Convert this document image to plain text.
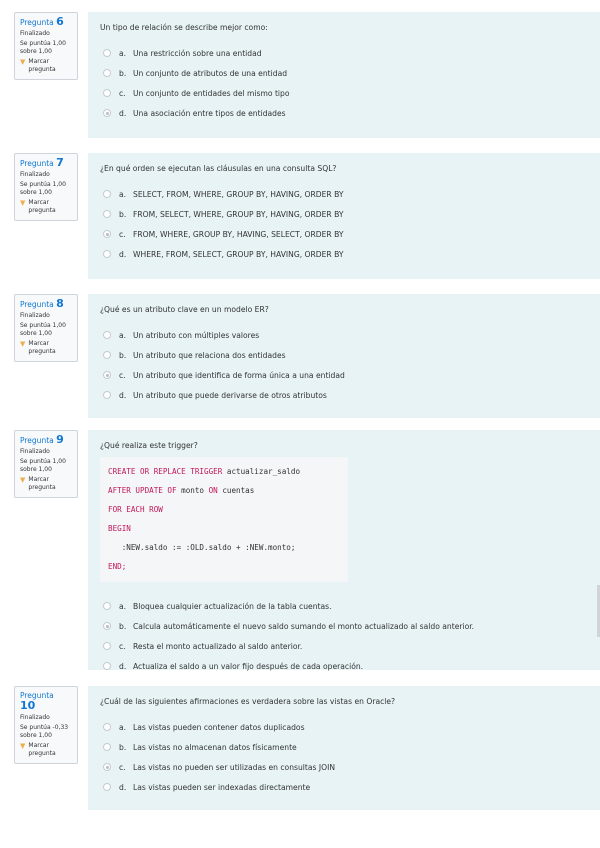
Pregunta 6
Finalizado
Se puntúa 1,00 sobre 1,00
▼ Marcar pregunta
Un tipo de relación se describe mejor como:
a. Una restricción sobre una entidad
b. Un conjunto de atributos de una entidad
c. Un conjunto de entidades del mismo tipo
d. Una asociación entre tipos de entidades
Pregunta 7
Finalizado
Se puntúa 1,00 sobre 1,00
▼ Marcar pregunta
¿En qué orden se ejecutan las cláusulas en una consulta SQL?
a. SELECT, FROM, WHERE, GROUP BY, HAVING, ORDER BY
b. FROM, SELECT, WHERE, GROUP BY, HAVING, ORDER BY
c. FROM, WHERE, GROUP BY, HAVING, SELECT, ORDER BY
d. WHERE, FROM, SELECT, GROUP BY, HAVING, ORDER BY
Pregunta 8
Finalizado
Se puntúa 1,00 sobre 1,00
▼ Marcar pregunta
¿Qué es un atributo clave en un modelo ER?
a. Un atributo con múltiples valores
b. Un atributo que relaciona dos entidades
c. Un atributo que identifica de forma única a una entidad
d. Un atributo que puede derivarse de otros atributos
Pregunta 9
Finalizado
Se puntúa 1,00 sobre 1,00
▼ Marcar pregunta
¿Qué realiza este trigger?
CREATE OR REPLACE TRIGGER actualizar_saldo
AFTER UPDATE OF monto ON cuentas
FOR EACH ROW
BEGIN
:NEW.saldo := :OLD.saldo + :NEW.monto;
END;
a. Bloquea cualquier actualización de la tabla cuentas.
b. Calcula automáticamente el nuevo saldo sumando el monto actualizado al saldo anterior.
c. Resta el monto actualizado al saldo anterior.
d. Actualiza el saldo a un valor fijo después de cada operación.
Pregunta
10
Finalizado
Se puntúa -0,33 sobre 1,00
▼ Marcar pregunta
¿Cuál de las siguientes afirmaciones es verdadera sobre las vistas en Oracle?
a. Las vistas pueden contener datos duplicados
b. Las vistas no almacenan datos físicamente
c. Las vistas no pueden ser utilizadas en consultas JOIN
d. Las vistas pueden ser indexadas directamente
